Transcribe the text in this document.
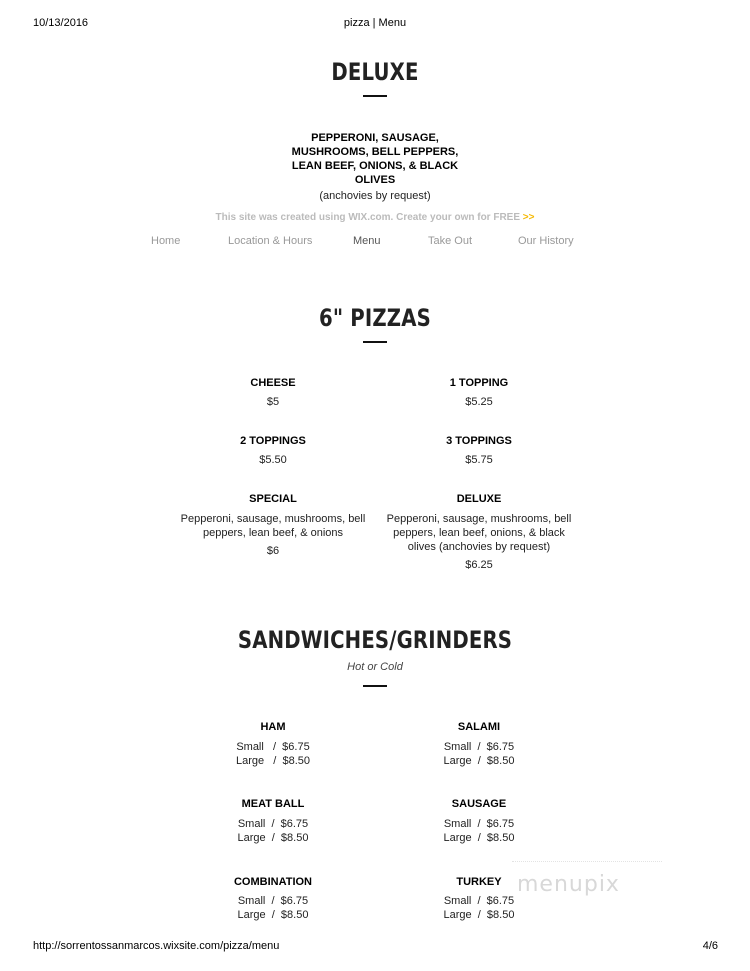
10/13/2016	pizza | Menu
DELUXE
PEPPERONI, SAUSAGE,
MUSHROOMS, BELL PEPPERS,
LEAN BEEF, ONIONS, & BLACK
OLIVES
(anchovies by request)
This site was created using WIX.com. Create your own for FREE >>
Home	Location & Hours	Menu	Take Out	Our History
6" PIZZAS
CHEESE
$5
1 TOPPING
$5.25
2 TOPPINGS
$5.50
3 TOPPINGS
$5.75
SPECIAL
Pepperoni, sausage, mushrooms, bell
peppers, lean beef, & onions
$6
DELUXE
Pepperoni, sausage, mushrooms, bell
peppers, lean beef, onions, & black
olives (anchovies by request)
$6.25
SANDWICHES/GRINDERS
Hot or Cold
HAM
Small   /  $6.75
Large   /  $8.50
SALAMI
Small  /  $6.75
Large  /  $8.50
MEAT BALL
Small  /  $6.75
Large  /  $8.50
SAUSAGE
Small  /  $6.75
Large  /  $8.50
COMBINATION
Small  /  $6.75
Large  /  $8.50
TURKEY
Small  /  $6.75
Large  /  $8.50
menupix
http://sorrentossanmarcos.wixsite.com/pizza/menu	4/6
